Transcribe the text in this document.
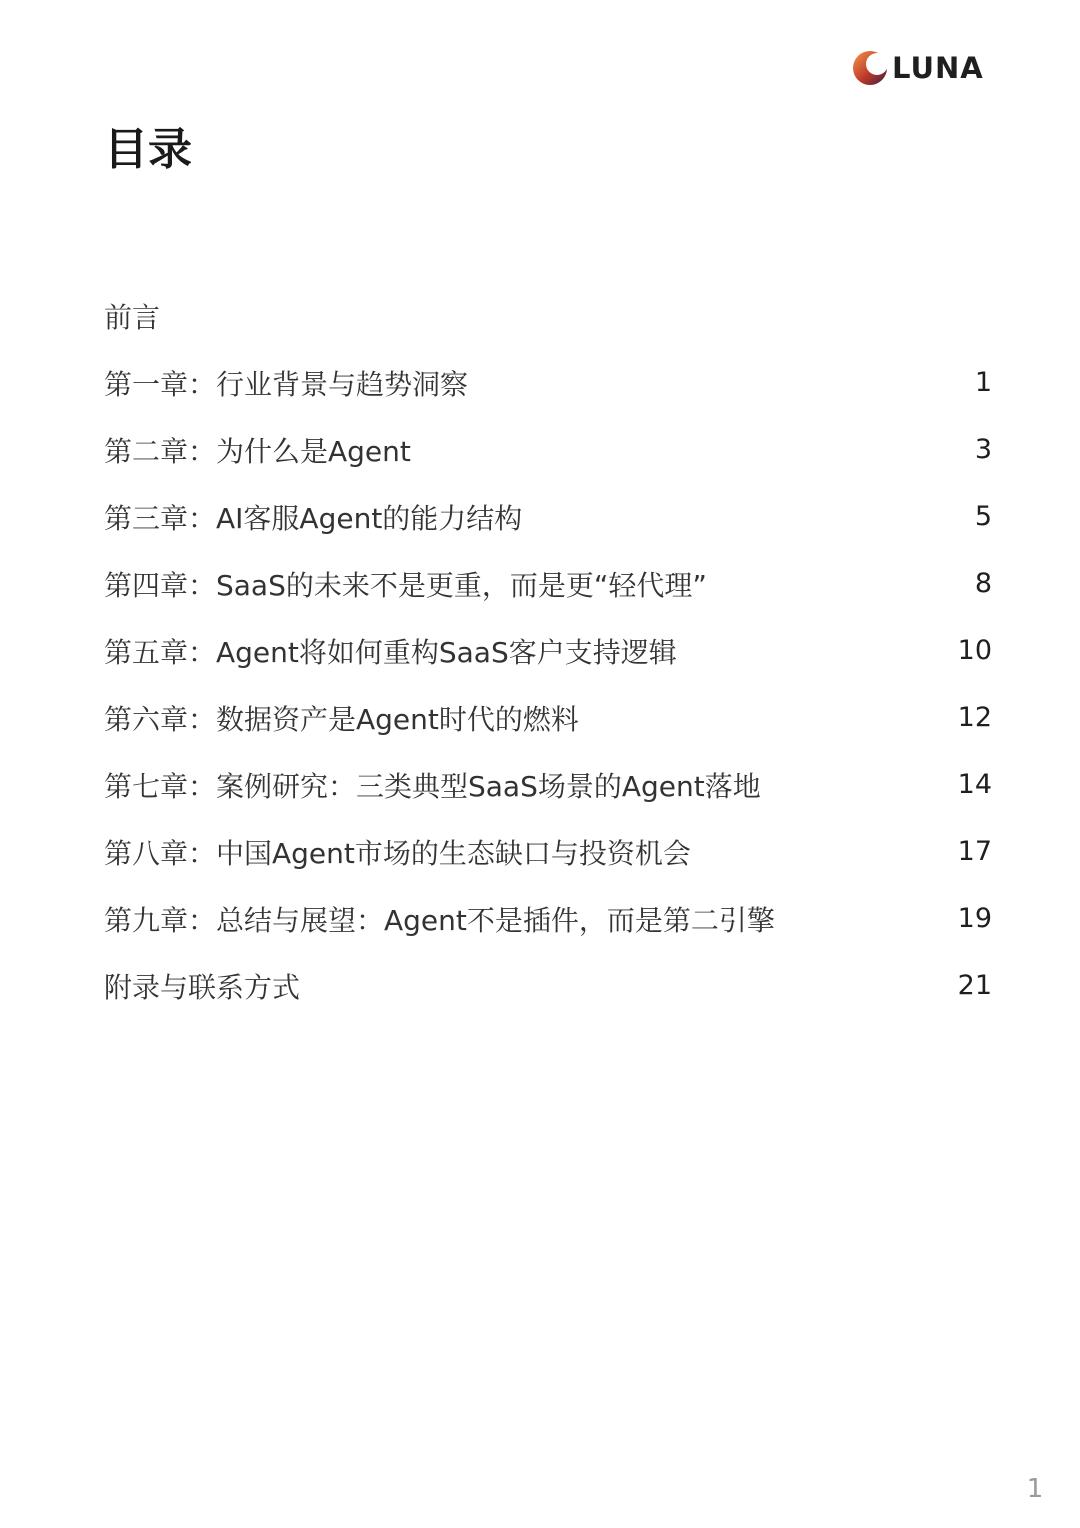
LUNA
目录
前言
第一章：行业背景与趋势洞察	1
第二章：为什么是Agent	3
第三章：AI客服Agent的能力结构	5
第四章：SaaS的未来不是更重，而是更“轻代理”	8
第五章：Agent将如何重构SaaS客户支持逻辑	10
第六章：数据资产是Agent时代的燃料	12
第七章：案例研究：三类典型SaaS场景的Agent落地	14
第八章：中国Agent市场的生态缺口与投资机会	17
第九章：总结与展望：Agent不是插件，而是第二引擎	19
附录与联系方式	21
1
